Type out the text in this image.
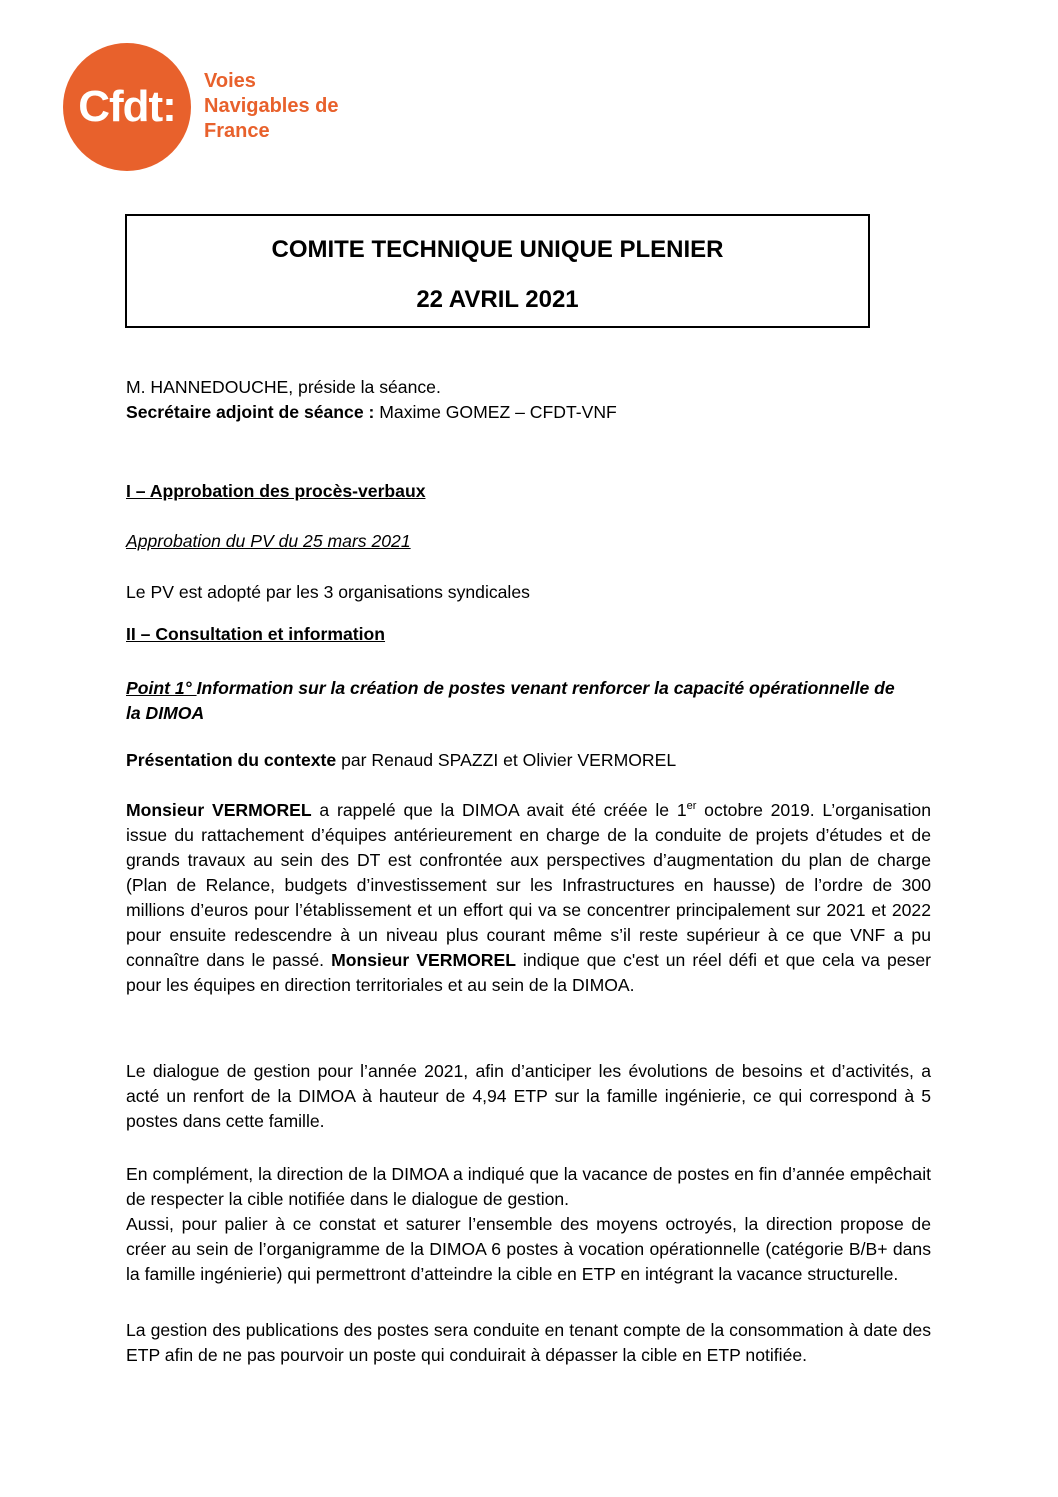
Cfdt:
Voies
Navigables de
France
COMITE TECHNIQUE UNIQUE PLENIER
22 AVRIL 2021
M. HANNEDOUCHE, préside la séance.
Secrétaire adjoint de séance : Maxime GOMEZ – CFDT-VNF
I – Approbation des procès-verbaux
Approbation du PV du 25 mars 2021
Le PV est adopté par les 3 organisations syndicales
II – Consultation et information
Point 1° Information sur la création de postes venant renforcer la capacité opérationnelle de
la DIMOA
Présentation du contexte par Renaud SPAZZI et Olivier VERMOREL
Monsieur VERMOREL a rappelé que la DIMOA avait été créée le 1er octobre 2019. L’organisation issue du rattachement d’équipes antérieurement en charge de la conduite de projets d’études et de grands travaux au sein des DT est confrontée aux perspectives d’augmentation du plan de charge (Plan de Relance, budgets d’investissement sur les Infrastructures en hausse) de l’ordre de 300 millions d’euros pour l’établissement et un effort qui va se concentrer principalement sur 2021 et 2022 pour ensuite redescendre à un niveau plus courant même s’il reste supérieur à ce que VNF a pu connaître dans le passé. Monsieur VERMOREL indique que c'est un réel défi et que cela va peser pour les équipes en direction territoriales et au sein de la DIMOA.
Le dialogue de gestion pour l’année 2021, afin d’anticiper les évolutions de besoins et d’activités, a acté un renfort de la DIMOA à hauteur de 4,94 ETP sur la famille ingénierie, ce qui correspond à 5 postes dans cette famille.
En complément, la direction de la DIMOA a indiqué que la vacance de postes en fin d’année empêchait de respecter la cible notifiée dans le dialogue de gestion.
Aussi, pour palier à ce constat et saturer l’ensemble des moyens octroyés, la direction propose de créer au sein de l’organigramme de la DIMOA 6 postes à vocation opérationnelle (catégorie B/B+ dans la famille ingénierie) qui permettront d’atteindre la cible en ETP en intégrant la vacance structurelle.
La gestion des publications des postes sera conduite en tenant compte de la consommation à date des ETP afin de ne pas pourvoir un poste qui conduirait à dépasser la cible en ETP notifiée.
